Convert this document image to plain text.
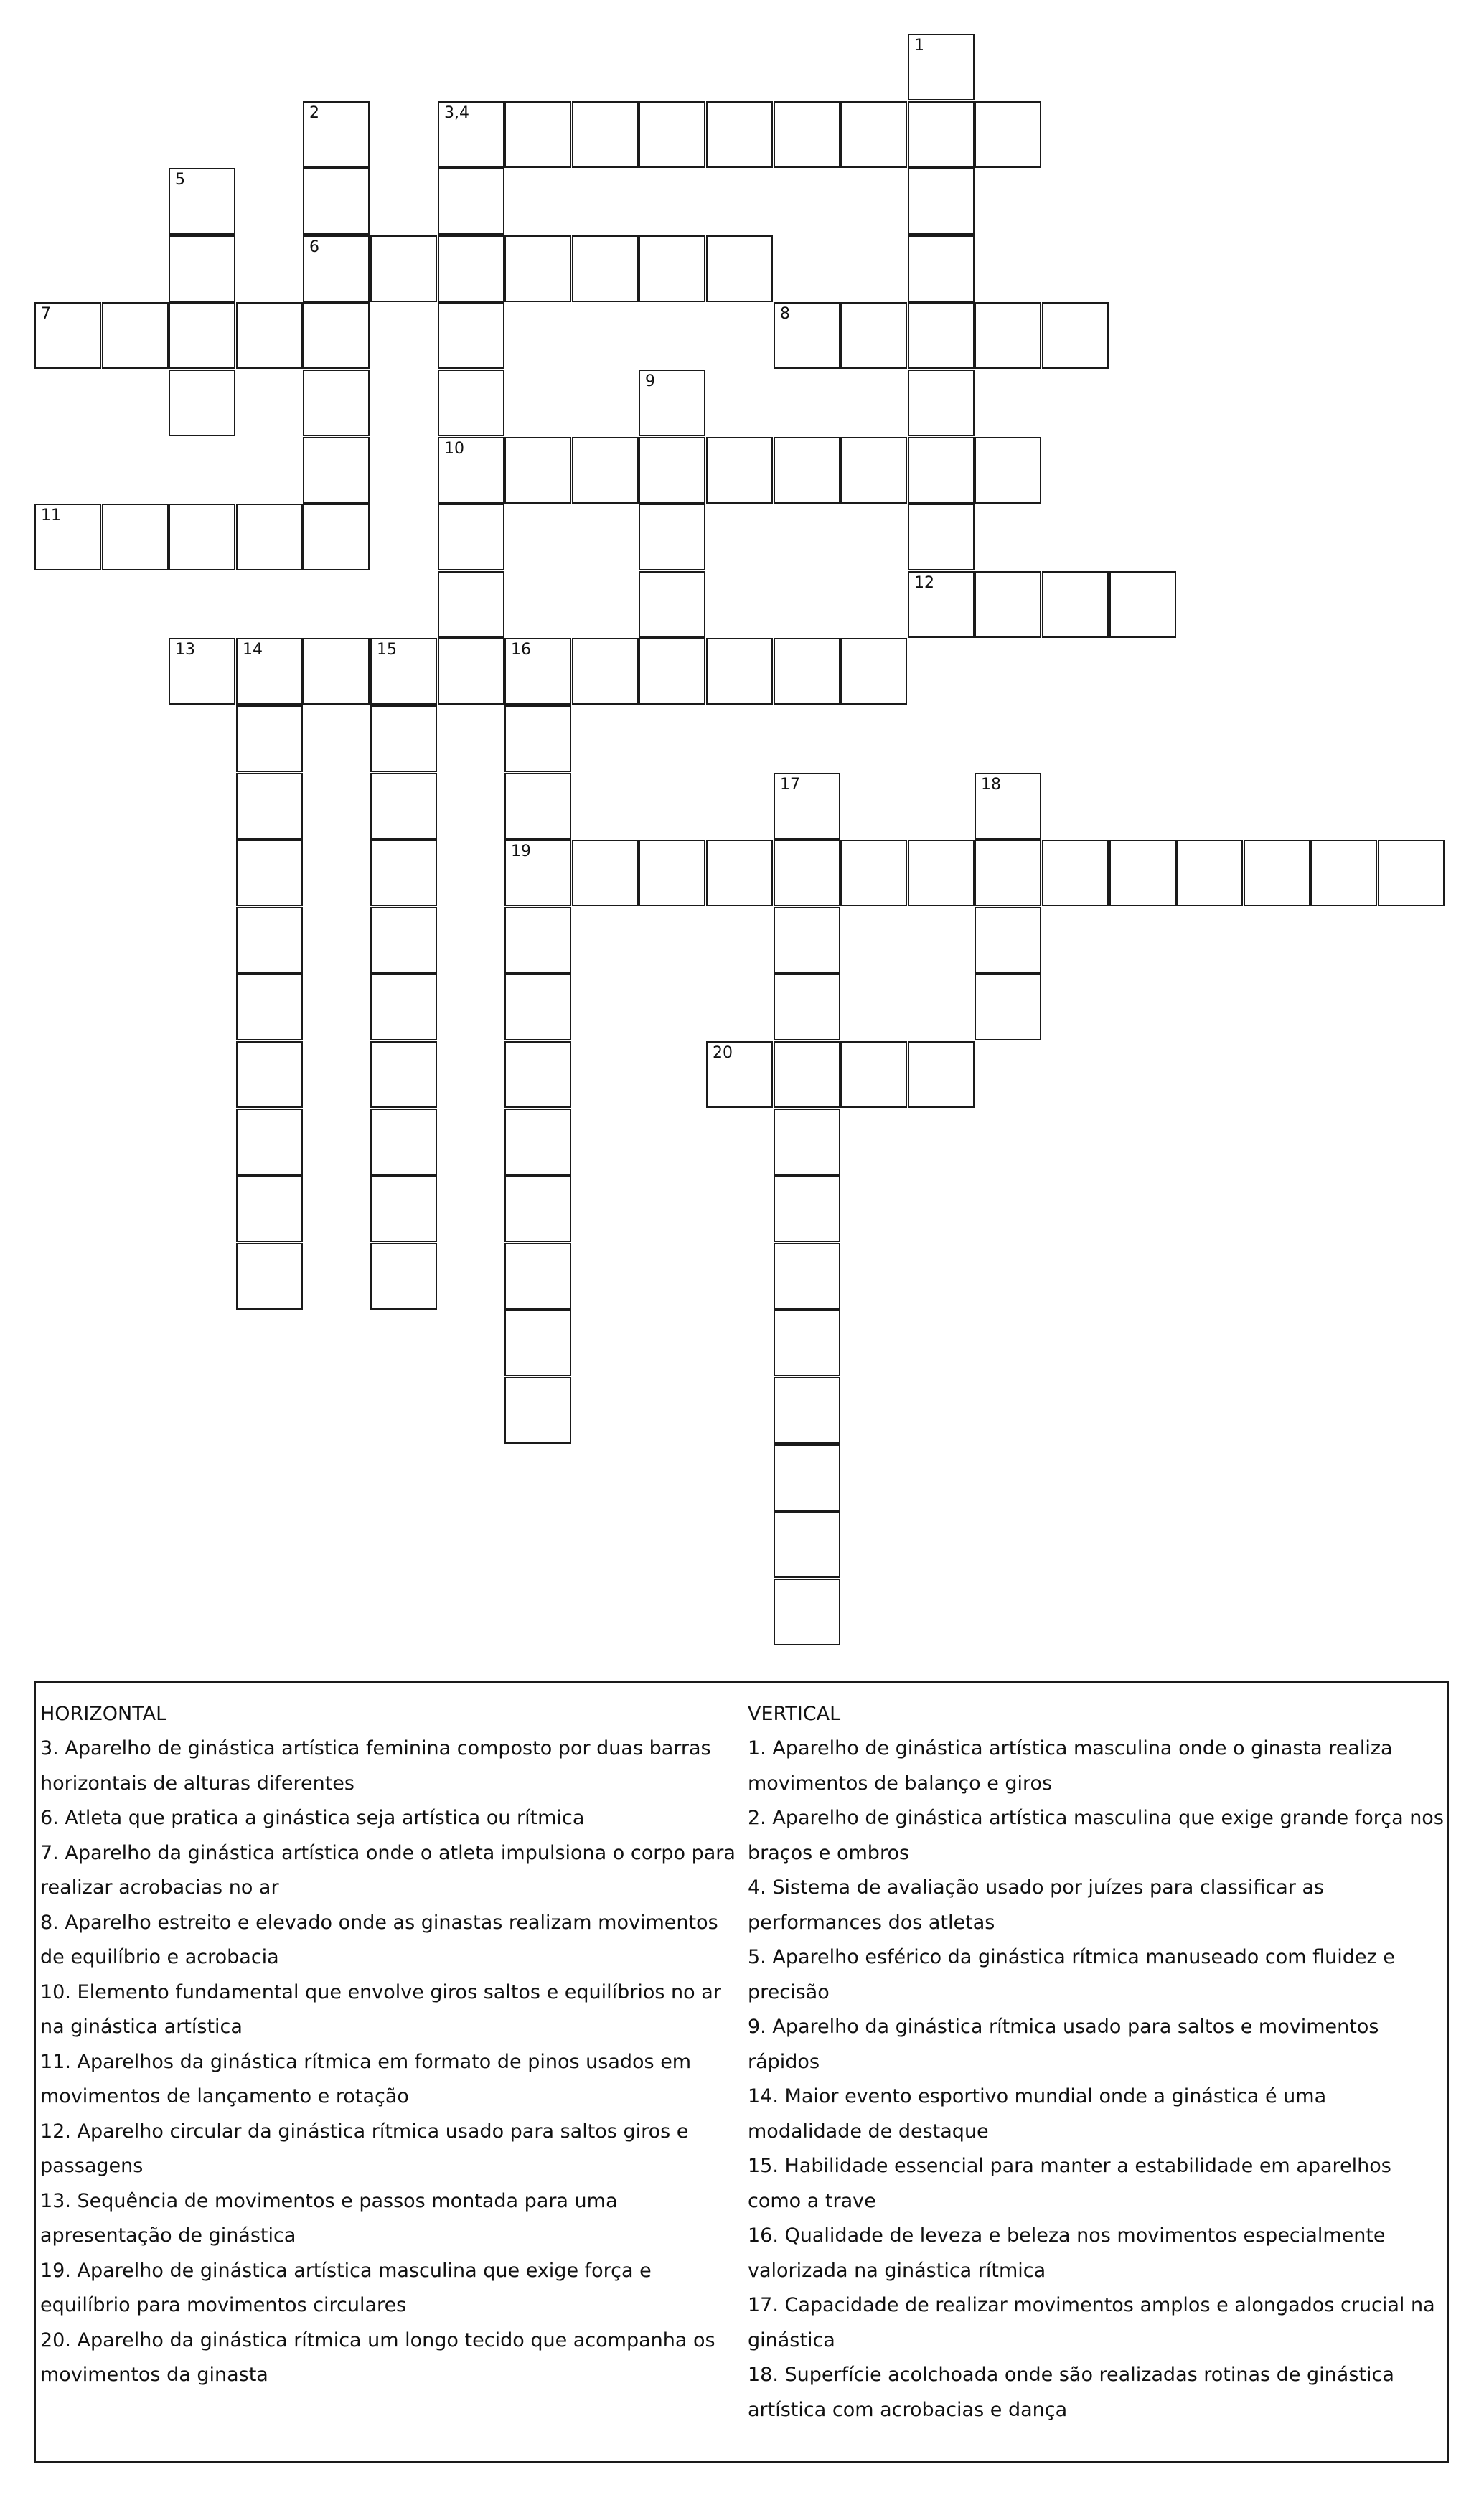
1
3,4
2
5
6
7	8
9
10
11
12
13	14	15	16
17	18
19
20
HORIZONTAL
3. Aparelho de ginástica artística feminina composto por duas barras horizontais de alturas diferentes
6. Atleta que pratica a ginástica seja artística ou rítmica
7. Aparelho da ginástica artística onde o atleta impulsiona o corpo para realizar acrobacias no ar
8. Aparelho estreito e elevado onde as ginastas realizam movimentos de equilíbrio e acrobacia
10. Elemento fundamental que envolve giros saltos e equilíbrios no ar na ginástica artística
11. Aparelhos da ginástica rítmica em formato de pinos usados em movimentos de lançamento e rotação
12. Aparelho circular da ginástica rítmica usado para saltos giros e passagens
13. Sequência de movimentos e passos montada para uma apresentação de ginástica
19. Aparelho de ginástica artística masculina que exige força e equilíbrio para movimentos circulares
20. Aparelho da ginástica rítmica um longo tecido que acompanha os movimentos da ginasta
VERTICAL
1. Aparelho de ginástica artística masculina onde o ginasta realiza movimentos de balanço e giros
2. Aparelho de ginástica artística masculina que exige grande força nos braços e ombros
4. Sistema de avaliação usado por juízes para classificar as performances dos atletas
5. Aparelho esférico da ginástica rítmica manuseado com fluidez e precisão
9. Aparelho da ginástica rítmica usado para saltos e movimentos rápidos
14. Maior evento esportivo mundial onde a ginástica é uma modalidade de destaque
15. Habilidade essencial para manter a estabilidade em aparelhos como a trave
16. Qualidade de leveza e beleza nos movimentos especialmente valorizada na ginástica rítmica
17. Capacidade de realizar movimentos amplos e alongados crucial na ginástica
18. Superfície acolchoada onde são realizadas rotinas de ginástica artística com acrobacias e dança
